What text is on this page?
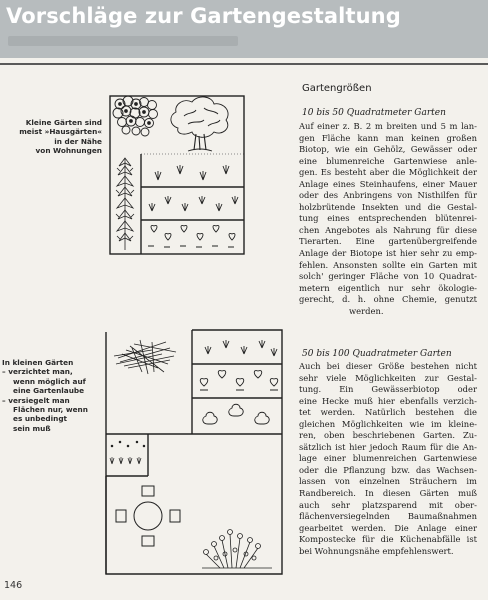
Vorschläge zur Gartengestaltung
Kleine Gärten sind
meist »Hausgärten«
in der Nähe
von Wohnungen
In kleinen Gärten
– verzichtet man,
wenn möglich auf
eine Gartenlaube
– versiegelt man
Flächen nur, wenn
es unbedingt
sein muß
Gartengrößen
10 bis 50 Quadratmeter Garten
Auf einer z. B. 2 m breiten und 5 m lan-
gen Fläche kann man keinen großen
Biotop, wie ein Gehölz, Gewässer oder
eine blumenreiche Gartenwiese anle-
gen. Es besteht aber die Möglichkeit der
Anlage eines Steinhaufens, einer Mauer
oder des Anbringens von Nisthilfen für
holzbrütende Insekten und die Gestal-
tung eines entsprechenden blütenrei-
chen Angebotes als Nahrung für diese
Tierarten. Eine gartenübergreifende
Anlage der Biotope ist hier sehr zu emp-
fehlen. Ansonsten sollte ein Garten mit
solch' geringer Fläche von 10 Quadrat-
metern eigentlich nur sehr ökologie-
gerecht, d. h. ohne Chemie, genutzt
werden.
50 bis 100 Quadratmeter Garten
Auch bei dieser Größe bestehen nicht
sehr viele Möglichkeiten zur Gestal-
tung. Ein Gewässerbiotop oder
eine Hecke muß hier ebenfalls verzich-
tet werden. Natürlich bestehen die
gleichen Möglichkeiten wie im kleine-
ren, oben beschriebenen Garten. Zu-
sätzlich ist hier jedoch Raum für die An-
lage einer blumenreichen Gartenwiese
oder die Pflanzung bzw. das Wachsen-
lassen von einzelnen Sträuchern im
Randbereich. In diesen Gärten muß
auch sehr platzsparend mit ober-
flächenversiegelnden Baumaßnahmen
gearbeitet werden. Die Anlage einer
Kompostecke für die Küchenabfälle ist
bei Wohnungsnähe empfehlenswert.
146
